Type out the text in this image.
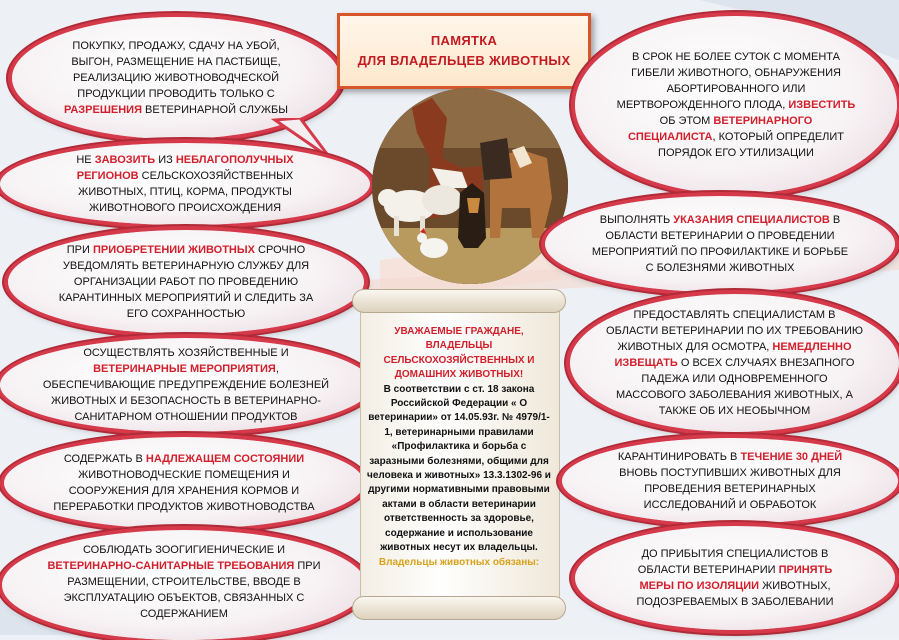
ПОКУПКУ, ПРОДАЖУ, СДАЧУ НА УБОЙ, ВЫГОН, РАЗМЕЩЕНИЕ НА ПАСТБИЩЕ, РЕАЛИЗАЦИЮ ЖИВОТНОВОДЧЕСКОЙ ПРОДУКЦИИ ПРОВОДИТЬ ТОЛЬКО С РАЗРЕШЕНИЯ ВЕТЕРИНАРНОЙ СЛУЖБЫ
НЕ ЗАВОЗИТЬ ИЗ НЕБЛАГОПОЛУЧНЫХ РЕГИОНОВ СЕЛЬСКОХОЗЯЙСТВЕННЫХ ЖИВОТНЫХ, ПТИЦ, КОРМА, ПРОДУКТЫ ЖИВОТНОВОГО ПРОИСХОЖДЕНИЯ
ПРИ ПРИОБРЕТЕНИИ ЖИВОТНЫХ СРОЧНО УВЕДОМЛЯТЬ ВЕТЕРИНАРНУЮ СЛУЖБУ ДЛЯ ОРГАНИЗАЦИИ РАБОТ ПО ПРОВЕДЕНИЮ КАРАНТИННЫХ МЕРОПРИЯТИЙ И СЛЕДИТЬ ЗА ЕГО СОХРАННОСТЬЮ
ОСУЩЕСТВЛЯТЬ ХОЗЯЙСТВЕННЫЕ И ВЕТЕРИНАРНЫЕ МЕРОПРИЯТИЯ, ОБЕСПЕЧИВАЮЩИЕ ПРЕДУПРЕЖДЕНИЕ БОЛЕЗНЕЙ ЖИВОТНЫХ И БЕЗОПАСНОСТЬ В ВЕТЕРИНАРНО-САНИТАРНОМ ОТНОШЕНИИ ПРОДУКТОВ
СОДЕРЖАТЬ В НАДЛЕЖАЩЕМ СОСТОЯНИИ ЖИВОТНОВОДЧЕСКИЕ ПОМЕЩЕНИЯ И СООРУЖЕНИЯ ДЛЯ ХРАНЕНИЯ КОРМОВ И ПЕРЕРАБОТКИ ПРОДУКТОВ ЖИВОТНОВОДСТВА
СОБЛЮДАТЬ ЗООГИГИЕНИЧЕСКИЕ И ВЕТЕРИНАРНО-САНИТАРНЫЕ ТРЕБОВАНИЯ ПРИ РАЗМЕЩЕНИИ, СТРОИТЕЛЬСТВЕ, ВВОДЕ В ЭКСПЛУАТАЦИЮ ОБЪЕКТОВ, СВЯЗАННЫХ С СОДЕРЖАНИЕМ
ПАМЯТКА
ДЛЯ ВЛАДЕЛЬЦЕВ ЖИВОТНЫХ
УВАЖАЕМЫЕ ГРАЖДАНЕ, ВЛАДЕЛЬЦЫ СЕЛЬСКОХОЗЯЙСТВЕННЫХ И ДОМАШНИХ ЖИВОТНЫХ!
В соответствии с ст. 18 закона Российской Федерации « О ветеринарии» от 14.05.93г. № 4979/1-1, ветеринарными правилами «Профилактика и борьба с заразными болезнями, общими для человека и животных» 13.3.1302-96 и другими нормативными правовыми актами в области ветеринарии ответственность за здоровье, содержание и использование животных несут их владельцы.
Владельцы животных обязаны:
В СРОК НЕ БОЛЕЕ СУТОК С МОМЕНТА ГИБЕЛИ ЖИВОТНОГО, ОБНАРУЖЕНИЯ АБОРТИРОВАННОГО ИЛИ МЕРТВОРОЖДЕННОГО ПЛОДА, ИЗВЕСТИТЬ ОБ ЭТОМ ВЕТЕРИНАРНОГО СПЕЦИАЛИСТА, КОТОРЫЙ ОПРЕДЕЛИТ ПОРЯДОК ЕГО УТИЛИЗАЦИИ
ВЫПОЛНЯТЬ УКАЗАНИЯ СПЕЦИАЛИСТОВ В ОБЛАСТИ ВЕТЕРИНАРИИ О ПРОВЕДЕНИИ МЕРОПРИЯТИЙ ПО ПРОФИЛАКТИКЕ И БОРЬБЕ С БОЛЕЗНЯМИ ЖИВОТНЫХ
ПРЕДОСТАВЛЯТЬ СПЕЦИАЛИСТАМ В ОБЛАСТИ ВЕТЕРИНАРИИ ПО ИХ ТРЕБОВАНИЮ ЖИВОТНЫХ ДЛЯ ОСМОТРА, НЕМЕДЛЕННО ИЗВЕЩАТЬ О ВСЕХ СЛУЧАЯХ ВНЕЗАПНОГО ПАДЕЖА ИЛИ ОДНОВРЕМЕННОГО МАССОВОГО ЗАБОЛЕВАНИЯ ЖИВОТНЫХ, А ТАКЖЕ ОБ ИХ НЕОБЫЧНОМ
КАРАНТИНИРОВАТЬ В ТЕЧЕНИЕ 30 ДНЕЙ ВНОВЬ ПОСТУПИВШИХ ЖИВОТНЫХ ДЛЯ ПРОВЕДЕНИЯ ВЕТЕРИНАРНЫХ ИССЛЕДОВАНИЙ И ОБРАБОТОК
ДО ПРИБЫТИЯ СПЕЦИАЛИСТОВ В ОБЛАСТИ ВЕТЕРИНАРИИ ПРИНЯТЬ МЕРЫ ПО ИЗОЛЯЦИИ ЖИВОТНЫХ, ПОДОЗРЕВАЕМЫХ В ЗАБОЛЕВАНИИ
